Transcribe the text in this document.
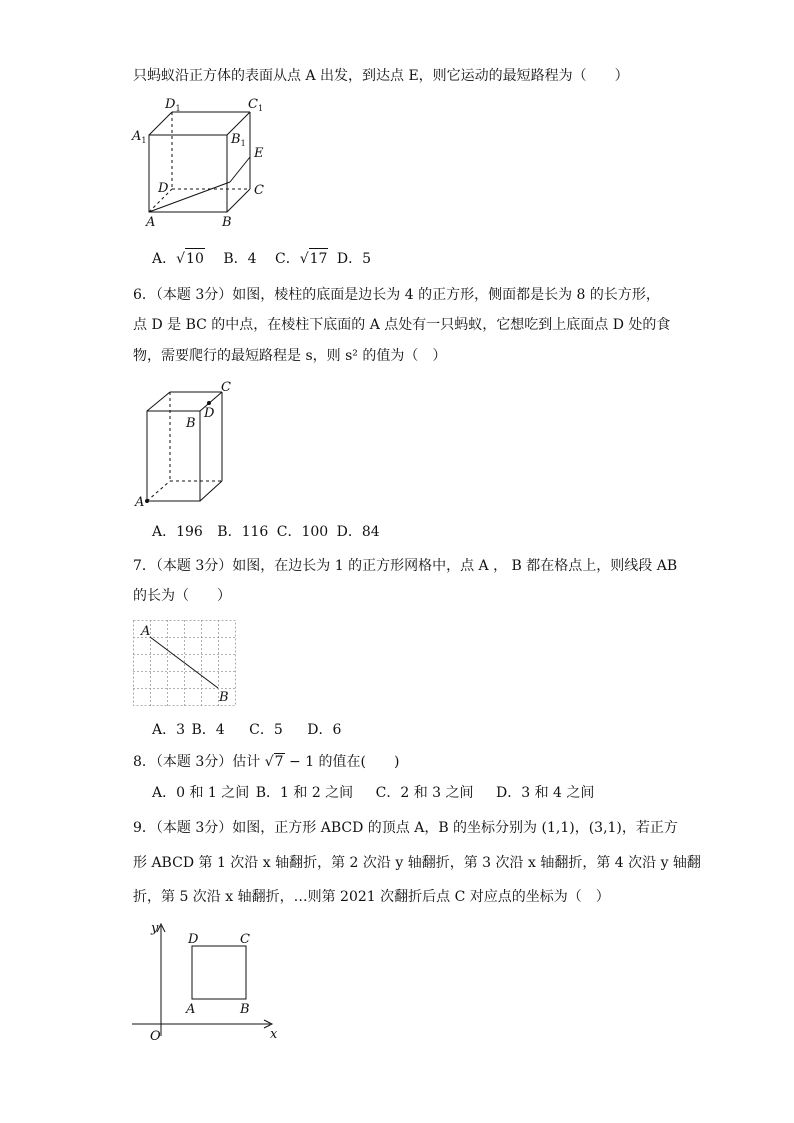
只蚂蚁沿正方体的表面从点 A 出发，到达点 E，则它运动的最短路程为（　　）
$D_1$	$C_1$
$A_1$	$B_1$
E
D	C
A	B
A．√10 B．4 C．√17 D．5
6．（本题 3分）如图，棱柱的底面是边长为 4 的正方形，侧面都是长为 8 的长方形，
点 D 是 BC 的中点，在棱柱下底面的 A 点处有一只蚂蚁，它想吃到上底面点 D 处的食
物，需要爬行的最短路程是 s，则 s² 的值为（　）
C
D
B
A
A．196 B．116 C．100 D．84
7．（本题 3分）如图，在边长为 1 的正方形网格中，点 A ， B 都在格点上，则线段 AB
的长为（　　）
A
B
A．3 B．4 C．5 D．6
8．（本题 3分）估计 √7 − 1 的值在(　　)
A．0 和 1 之间 B．1 和 2 之间 C．2 和 3 之间 D．3 和 4 之间
9．（本题 3分）如图，正方形 ABCD 的顶点 A，B 的坐标分别为 (1,1)，(3,1)，若正方
形 ABCD 第 1 次沿 x 轴翻折，第 2 次沿 y 轴翻折，第 3 次沿 x 轴翻折，第 4 次沿 y 轴翻
折，第 5 次沿 x 轴翻折，…则第 2021 次翻折后点 C 对应点的坐标为（　）
y
D	C
A	B
O	x
